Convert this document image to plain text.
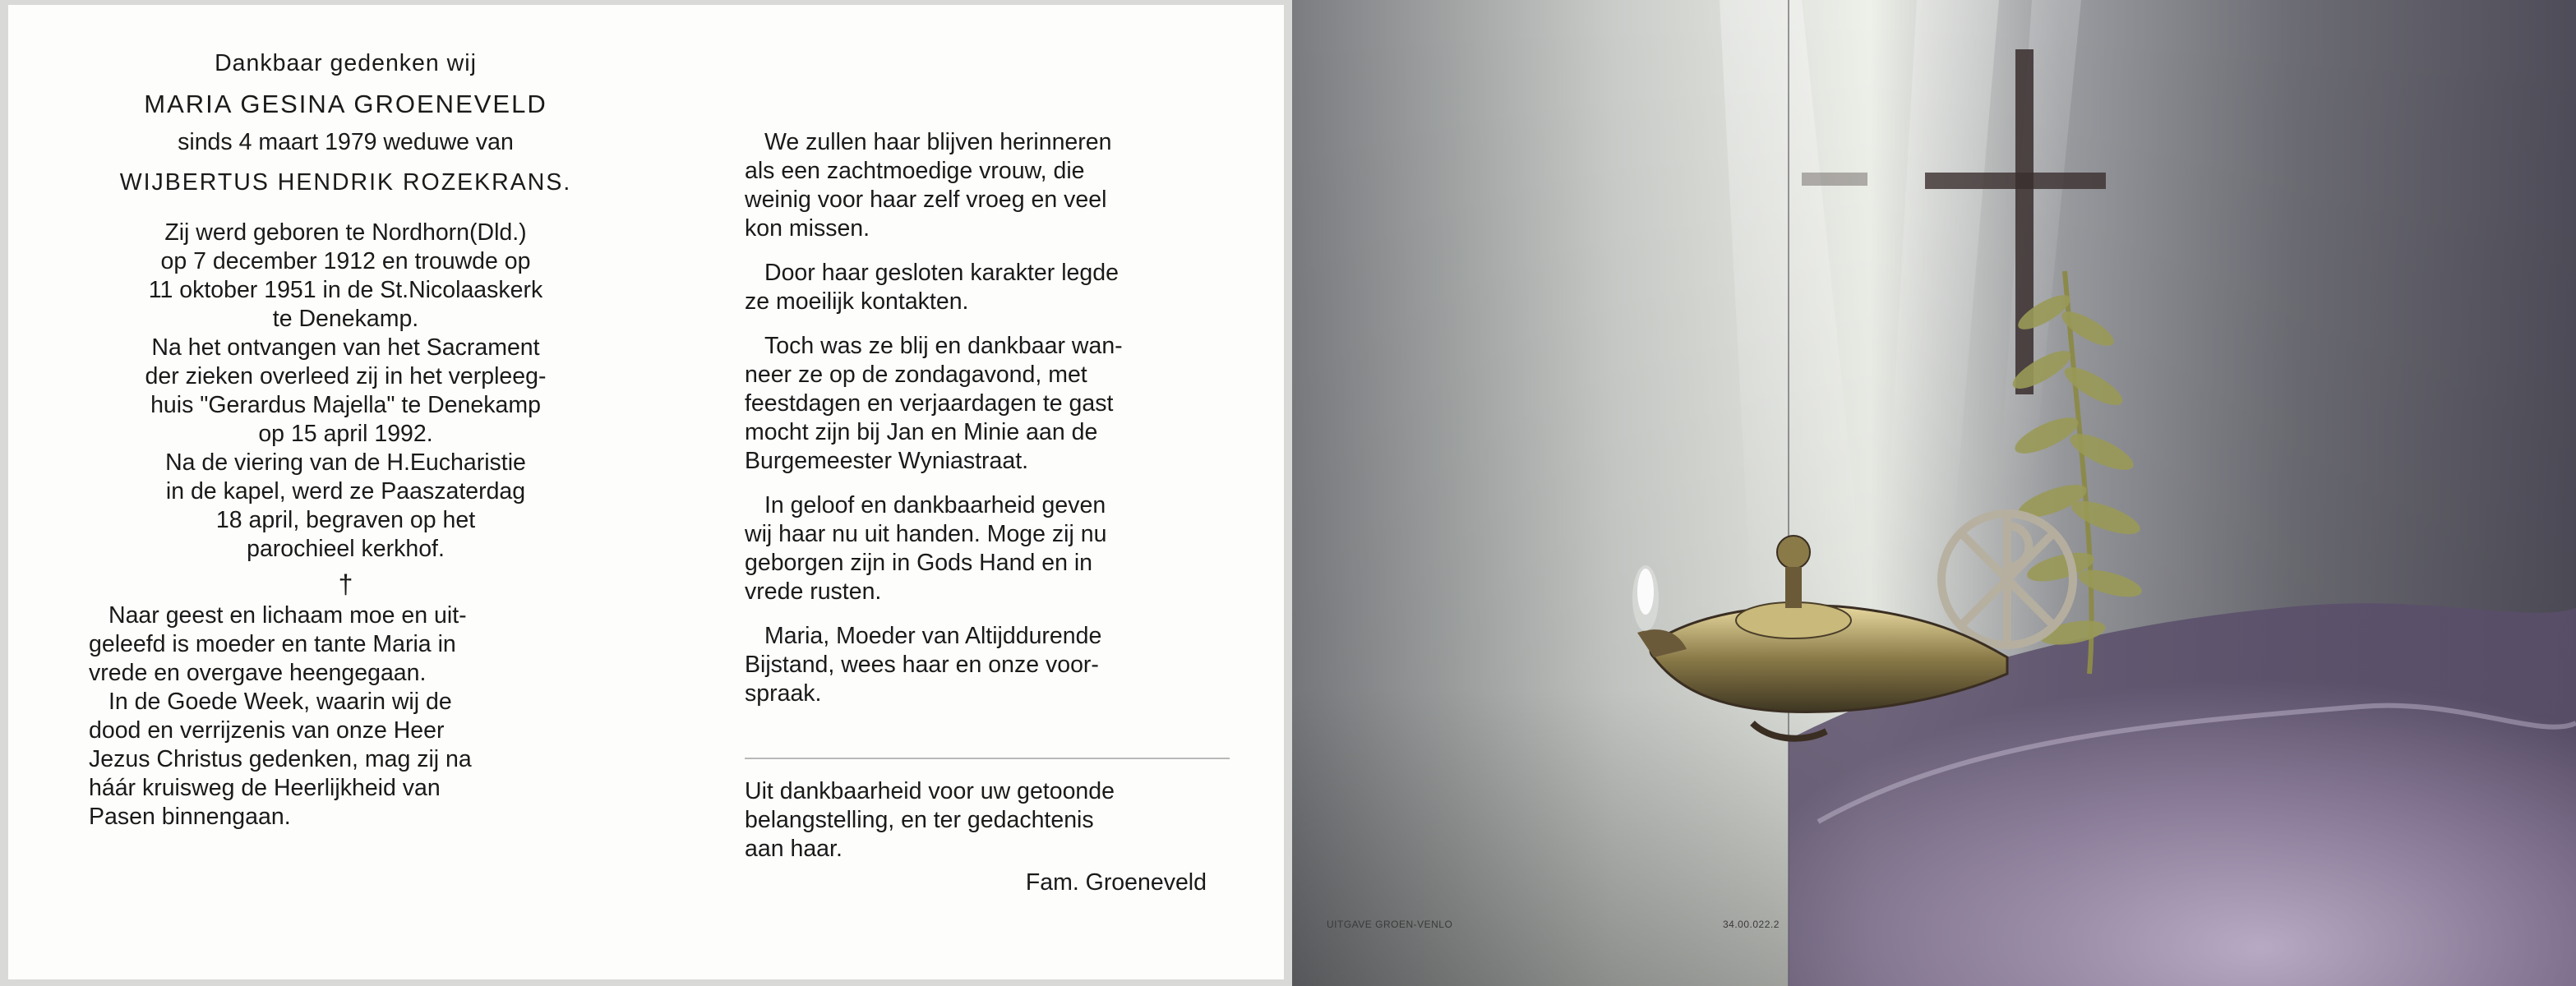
Dankbaar gedenken wij
MARIA GESINA GROENEVELD
sinds 4 maart 1979 weduwe van
WIJBERTUS HENDRIK ROZEKRANS.
Zij werd geboren te Nordhorn(Dld.)
op 7 december 1912 en trouwde op
11 oktober 1951 in de St.Nicolaaskerk
te Denekamp.
Na het ontvangen van het Sacrament
der zieken overleed zij in het verpleeg-
huis "Gerardus Majella" te Denekamp
op 15 april 1992.
Na de viering van de H.Eucharistie
in de kapel, werd ze Paaszaterdag
18 april, begraven op het
parochieel kerkhof.
†
Naar geest en lichaam moe en uit-
geleefd is moeder en tante Maria in
vrede en overgave heengegaan.
In de Goede Week, waarin wij de
dood en verrijzenis van onze Heer
Jezus Christus gedenken, mag zij na
háár kruisweg de Heerlijkheid van
Pasen binnengaan.
We zullen haar blijven herinneren
als een zachtmoedige vrouw, die
weinig voor haar zelf vroeg en veel
kon missen.
Door haar gesloten karakter legde
ze moeilijk kontakten.
Toch was ze blij en dankbaar wan-
neer ze op de zondagavond, met
feestdagen en verjaardagen te gast
mocht zijn bij Jan en Minie aan de
Burgemeester Wyniastraat.
In geloof en dankbaarheid geven
wij haar nu uit handen. Moge zij nu
geborgen zijn in Gods Hand en in
vrede rusten.
Maria, Moeder van Altijddurende
Bijstand, wees haar en onze voor-
spraak.
Uit dankbaarheid voor uw getoonde
belangstelling, en ter gedachtenis
aan haar.
Fam. Groeneveld
UITGAVE GROEN-VENLO	34.00.022.2
